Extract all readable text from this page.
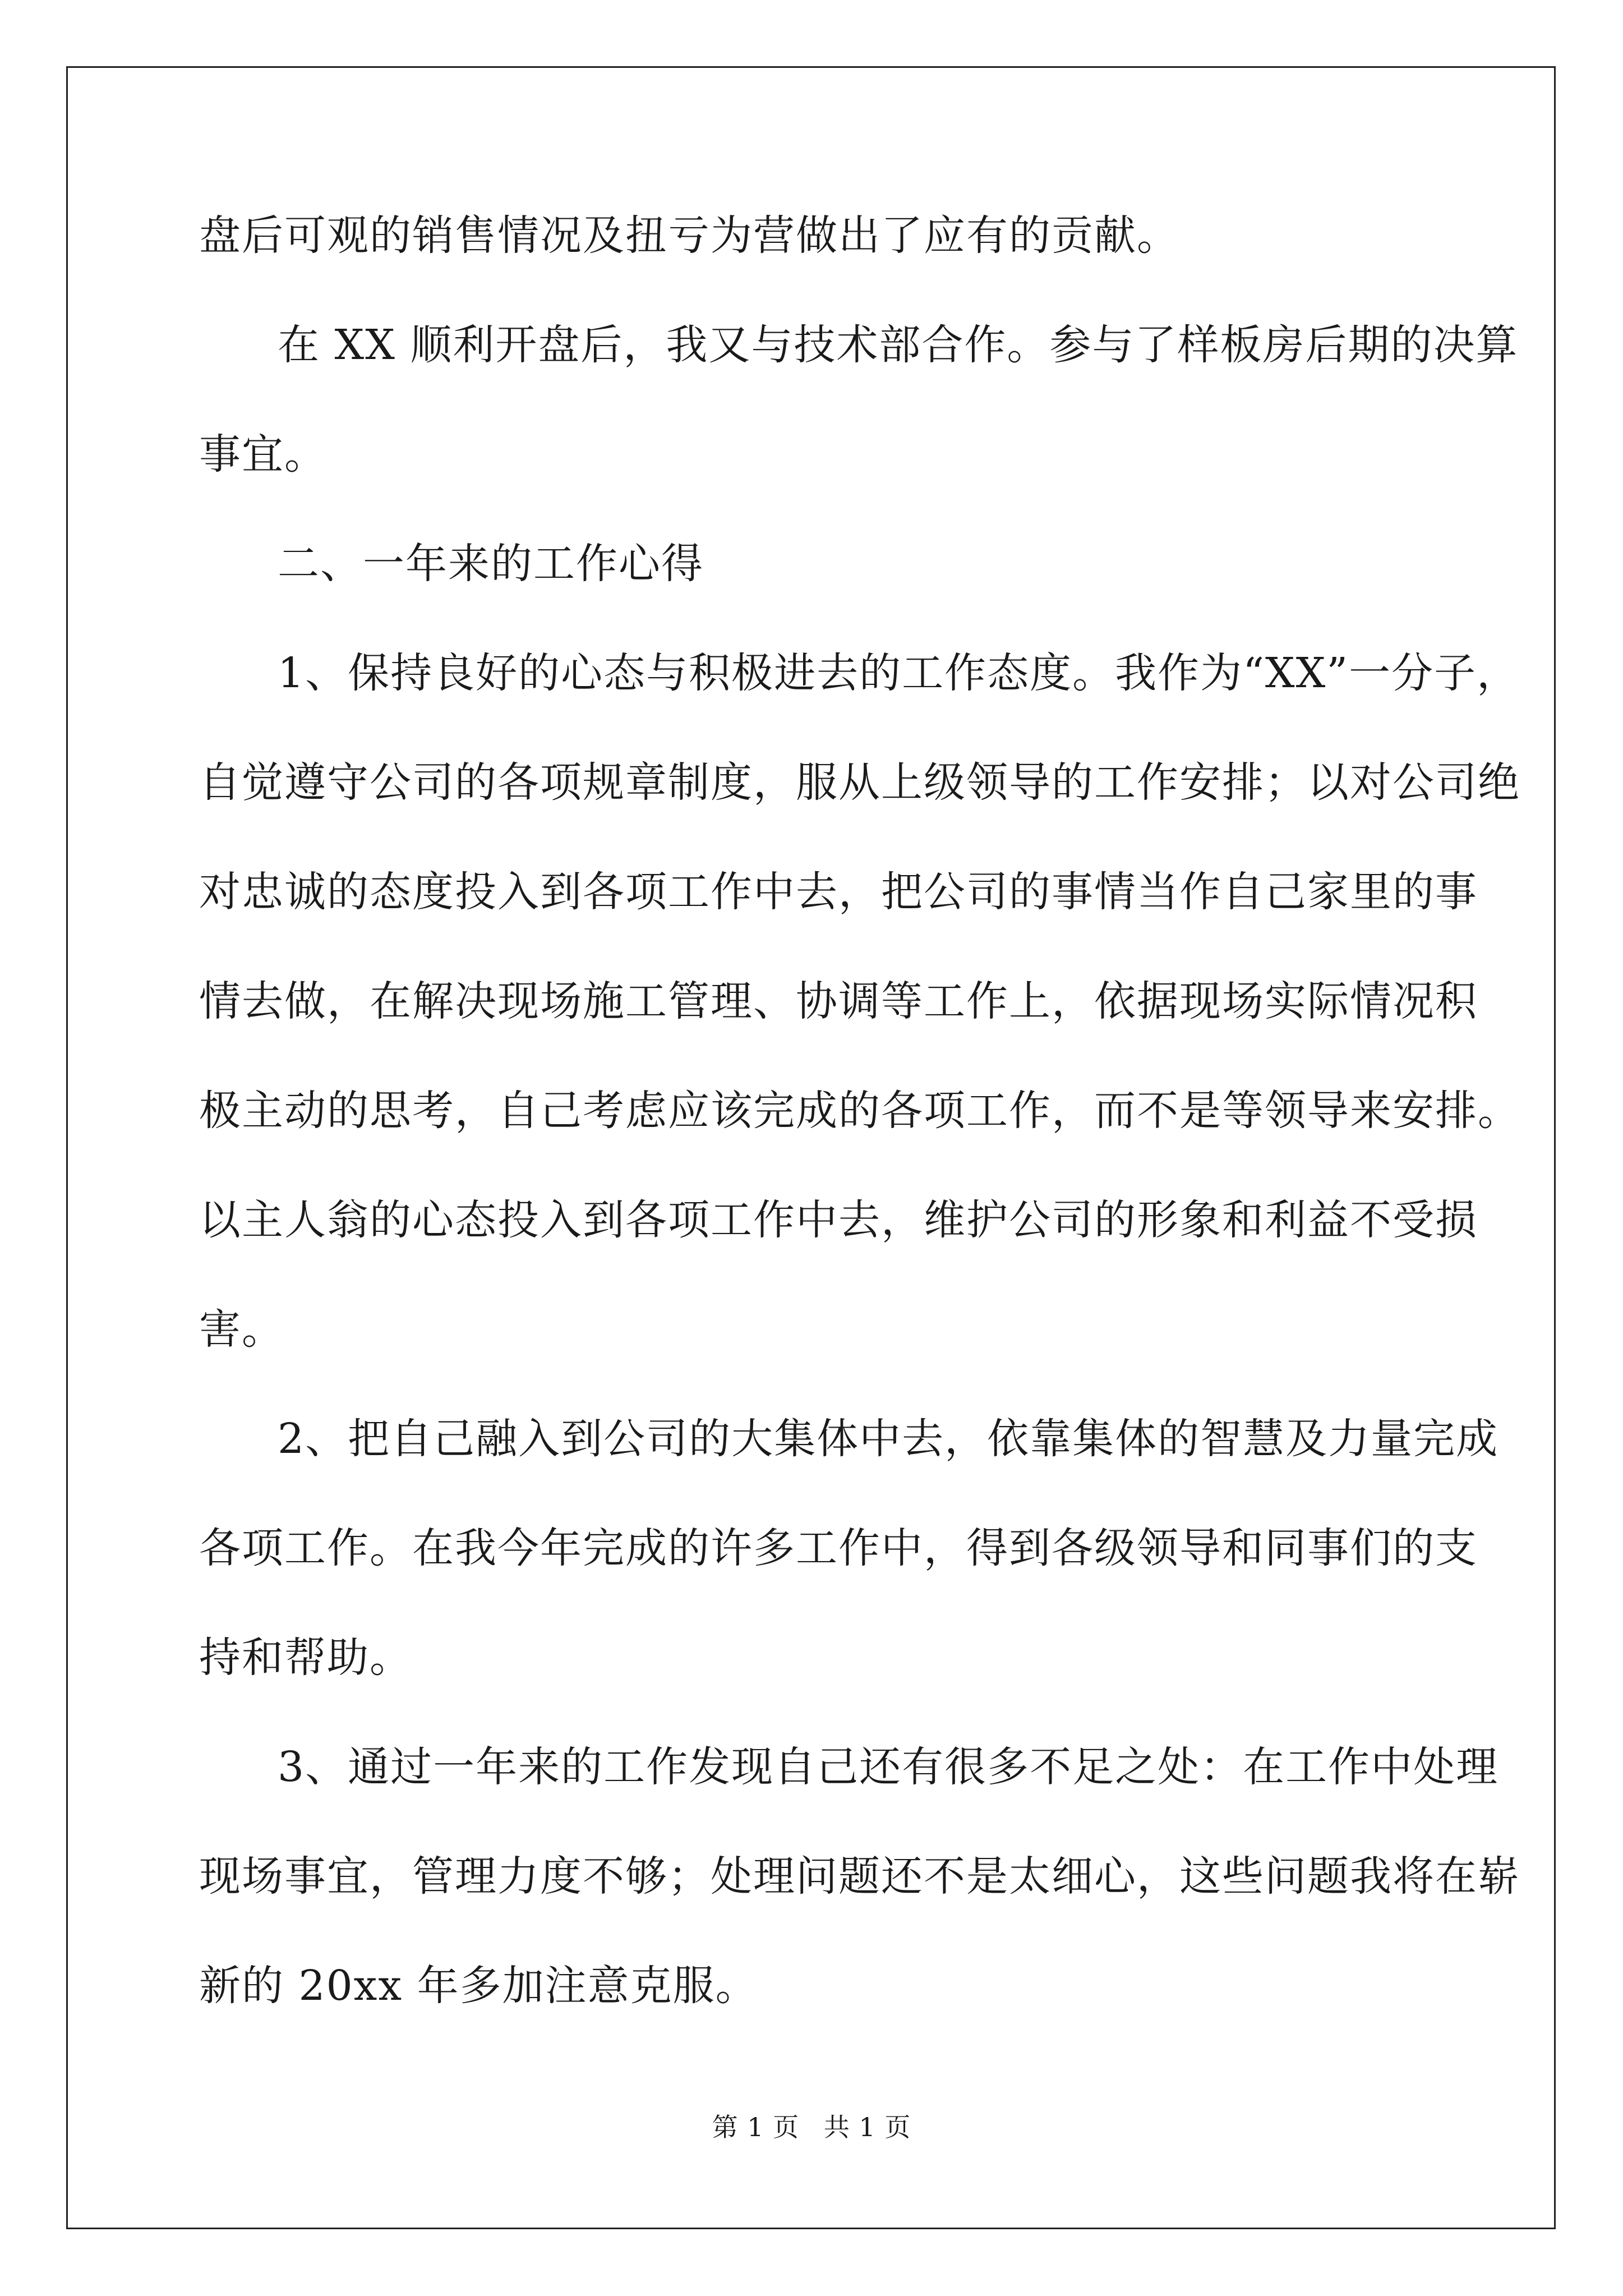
盘后可观的销售情况及扭亏为营做出了应有的贡献。
在 XX 顺利开盘后，我又与技术部合作。参与了样板房后期的决算
事宜。
二、一年来的工作心得
1、保持良好的心态与积极进去的工作态度。我作为“XX”一分子，
自觉遵守公司的各项规章制度，服从上级领导的工作安排；以对公司绝
对忠诚的态度投入到各项工作中去，把公司的事情当作自己家里的事
情去做，在解决现场施工管理、协调等工作上，依据现场实际情况积
极主动的思考，自己考虑应该完成的各项工作，而不是等领导来安排。
以主人翁的心态投入到各项工作中去，维护公司的形象和利益不受损
害。
2、把自己融入到公司的大集体中去，依靠集体的智慧及力量完成
各项工作。在我今年完成的许多工作中，得到各级领导和同事们的支
持和帮助。
3、通过一年来的工作发现自己还有很多不足之处：在工作中处理
现场事宜，管理力度不够；处理问题还不是太细心，这些问题我将在崭
新的 20xx 年多加注意克服。
第 1 页 共 1 页
